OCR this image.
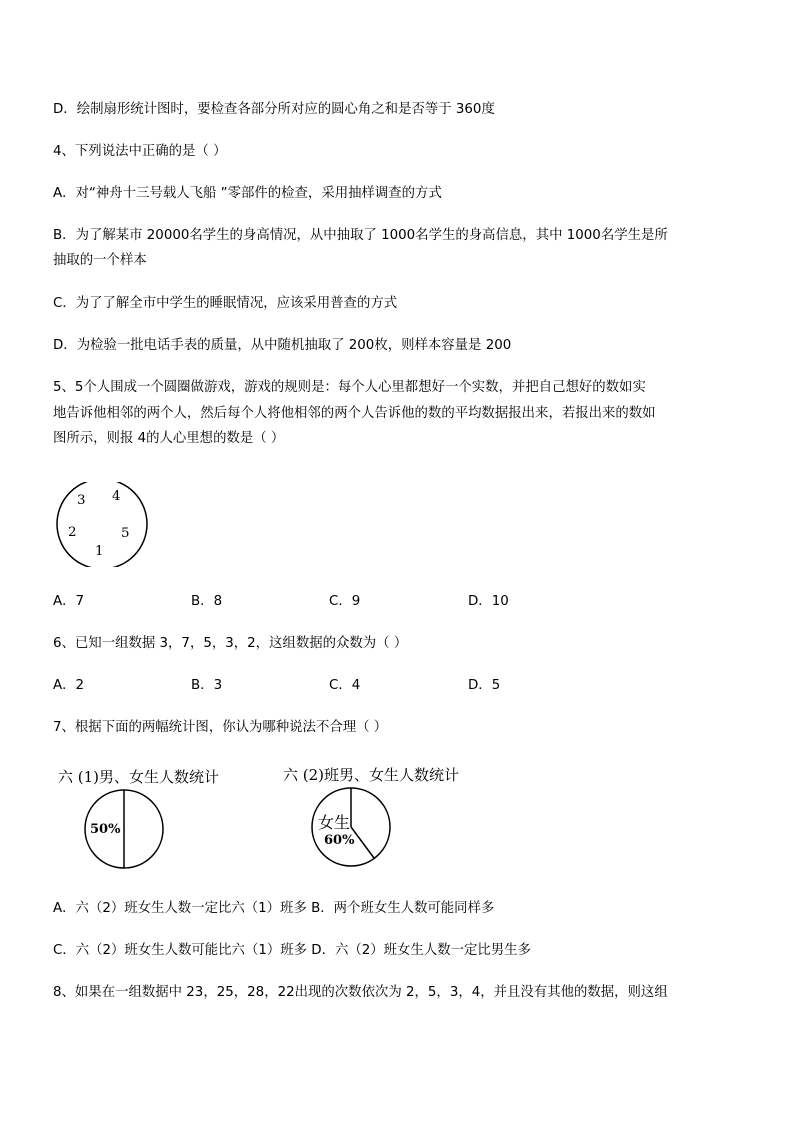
D．绘制扇形统计图时，要检查各部分所对应的圆心角之和是否等于 360度
4、下列说法中正确的是（ ）
A．对“神舟十三号载人飞船 ”零部件的检查，采用抽样调查的方式
B．为了解某市 20000名学生的身高情况，从中抽取了 1000名学生的身高信息，其中 1000名学生是所
抽取的一个样本
C．为了了解全市中学生的睡眠情况，应该采用普查的方式
D．为检验一批电话手表的质量，从中随机抽取了 200枚，则样本容量是 200
5、5个人围成一个圆圈做游戏，游戏的规则是：每个人心里都想好一个实数，并把自己想好的数如实
地告诉他相邻的两个人，然后每个人将他相邻的两个人告诉他的数的平均数据报出来，若报出来的数如
图所示，则报 4的人心里想的数是（ ）
3 4
2	5
1
A．7	B．8	C．9	D．10
6、已知一组数据 3，7，5，3，2，这组数据的众数为（ ）
A．2	B．3	C．4	D．5
7、根据下面的两幅统计图，你认为哪种说法不合理（ ）
六 (1)男、女生人数统计
50%
六 (2)班男、女生人数统计
女生
60%
A．六（2）班女生人数一定比六（1）班多 B．两个班女生人数可能同样多
C．六（2）班女生人数可能比六（1）班多 D．六（2）班女生人数一定比男生多
8、如果在一组数据中 23，25，28，22出现的次数依次为 2，5，3，4，并且没有其他的数据，则这组
